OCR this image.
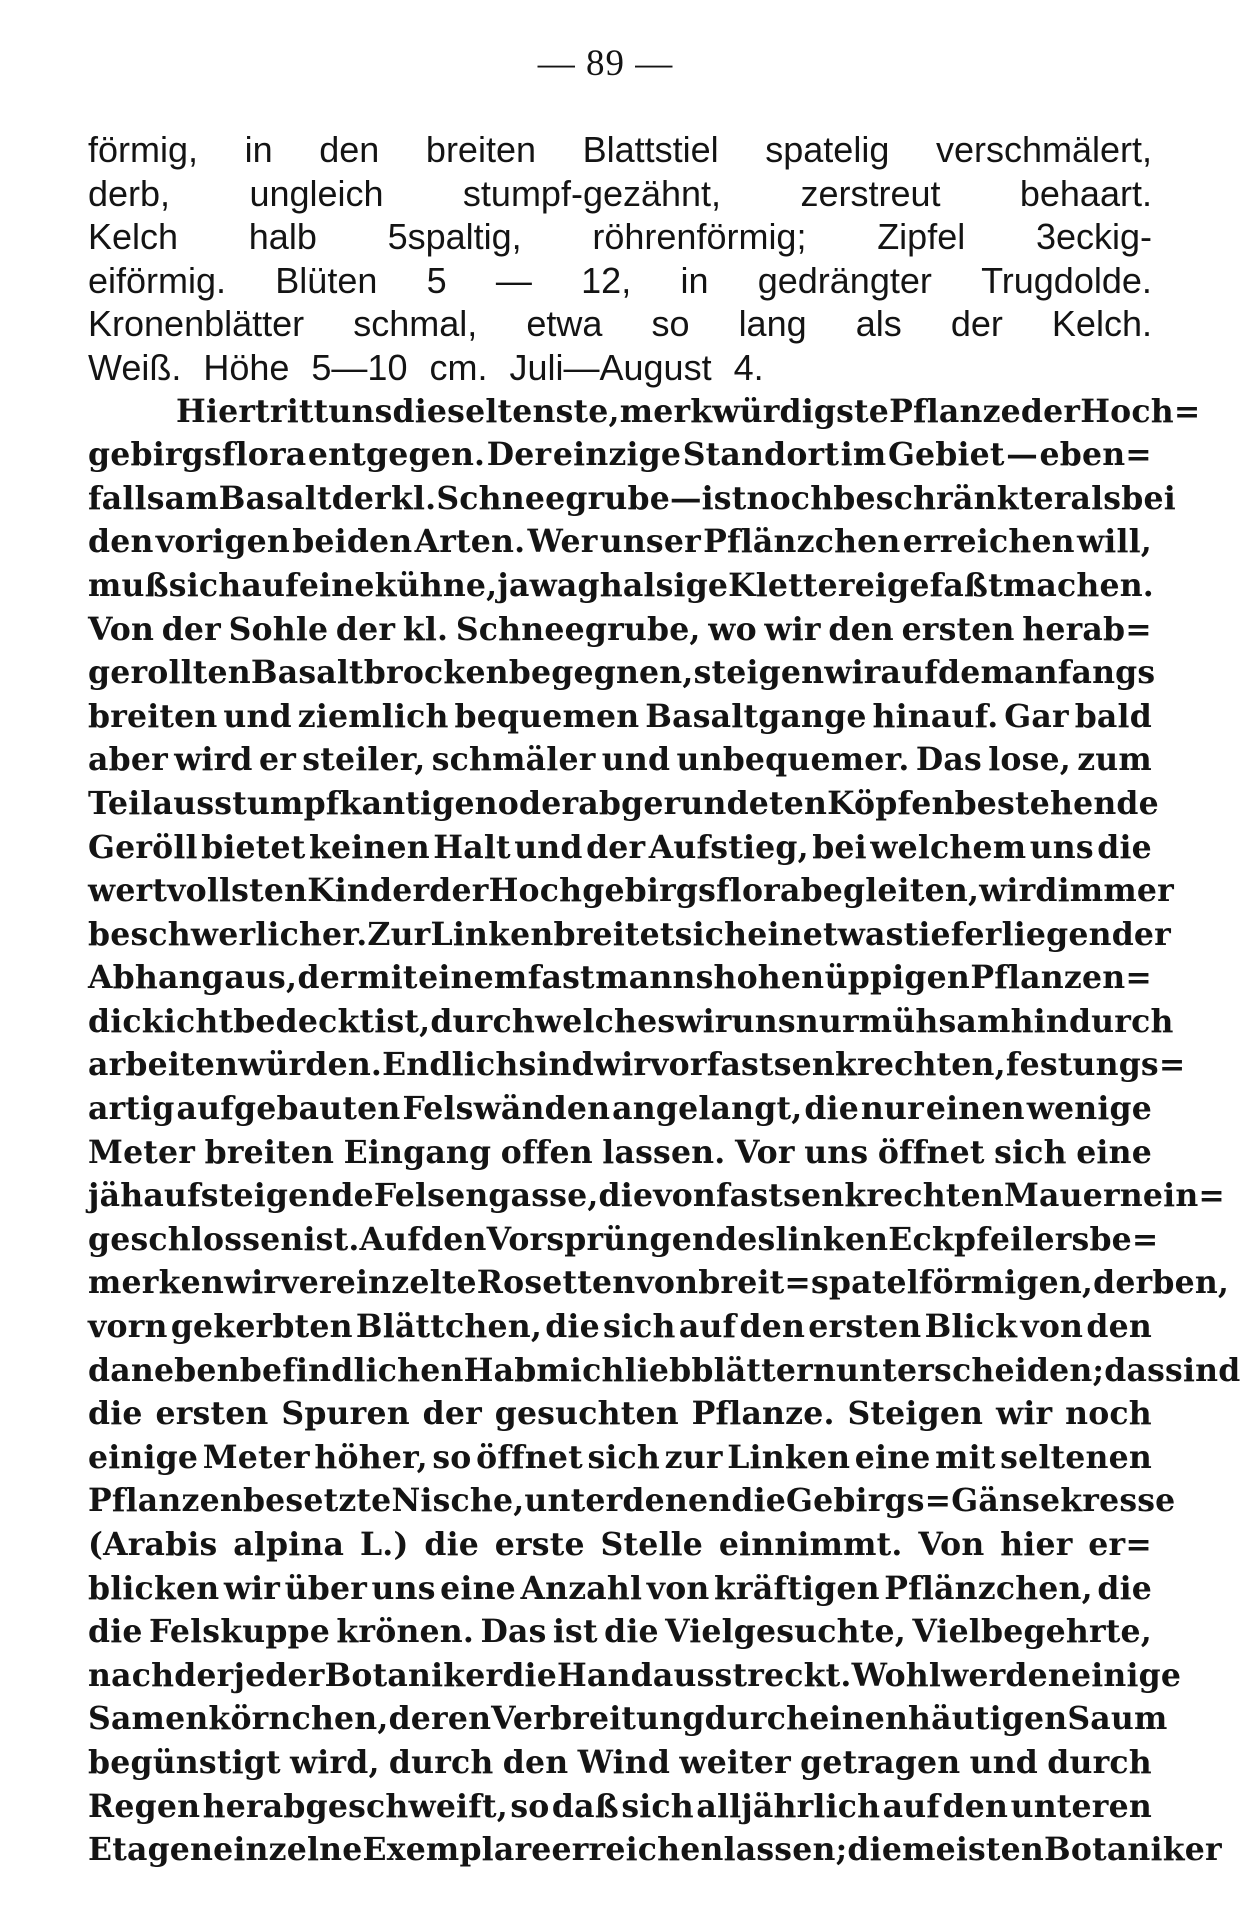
— 89 —
förmig, in den breiten Blattstiel spatelig verschmälert,
derb, ungleich stumpf-gezähnt, zerstreut behaart.
Kelch halb 5spaltig, röhrenförmig; Zipfel 3eckig-
eiförmig. Blüten 5 — 12, in gedrängter Trugdolde.
Kronenblätter schmal, etwa so lang als der Kelch.
Weiß. Höhe 5—10 cm. Juli—August 4.
Hier tritt uns die seltenste, merkwürdigste Pflanze der Hoch=
gebirgsflora entgegen. Der einzige Standort im Gebiet — eben=
falls am Basalt der kl. Schneegrube — ist noch beschränkter als bei
den vorigen beiden Arten. Wer unser Pflänzchen erreichen will,
muß sich auf eine kühne, ja waghalsige Kletterei gefaßt machen.
Von der Sohle der kl. Schneegrube, wo wir den ersten herab=
gerollten Basaltbrocken begegnen, steigen wir auf dem anfangs
breiten und ziemlich bequemen Basaltgange hinauf. Gar bald
aber wird er steiler, schmäler und unbequemer. Das lose, zum
Teil aus stumpfkantigen oder abgerundeten Köpfen bestehende
Geröll bietet keinen Halt und der Aufstieg, bei welchem uns die
wertvollsten Kinder der Hochgebirgsflora begleiten, wird immer
beschwerlicher. Zur Linken breitet sich ein etwas tiefer liegender
Abhang aus, der mit einem fast mannshohen üppigen Pflanzen=
dickicht bedeckt ist, durch welches wir uns nur mühsam hindurch
arbeiten würden. Endlich sind wir vor fast senkrechten, festungs=
artig aufgebauten Felswänden angelangt, die nur einen wenige
Meter breiten Eingang offen lassen. Vor uns öffnet sich eine
jäh aufsteigende Felsengasse, die von fast senkrechten Mauern ein=
geschlossen ist. Auf den Vorsprüngen des linken Eckpfeilers be=
merken wir vereinzelte Rosetten von breit=spatelförmigen, derben,
vorn gekerbten Blättchen, die sich auf den ersten Blick von den
daneben befindlichen Habmichliebblättern unterscheiden; das sind
die ersten Spuren der gesuchten Pflanze. Steigen wir noch
einige Meter höher, so öffnet sich zur Linken eine mit seltenen
Pflanzen besetzte Nische, unter denen die Gebirgs=Gänsekresse
(Arabis alpina L.) die erste Stelle einnimmt. Von hier er=
blicken wir über uns eine Anzahl von kräftigen Pflänzchen, die
die Felskuppe krönen. Das ist die Vielgesuchte, Vielbegehrte,
nach der jeder Botaniker die Hand ausstreckt. Wohl werden einige
Samenkörnchen, deren Verbreitung durch einen häutigen Saum
begünstigt wird, durch den Wind weiter getragen und durch
Regen herabgeschweift, so daß sich alljährlich auf den unteren
Etagen einzelne Exemplare erreichen lassen; die meisten Botaniker
